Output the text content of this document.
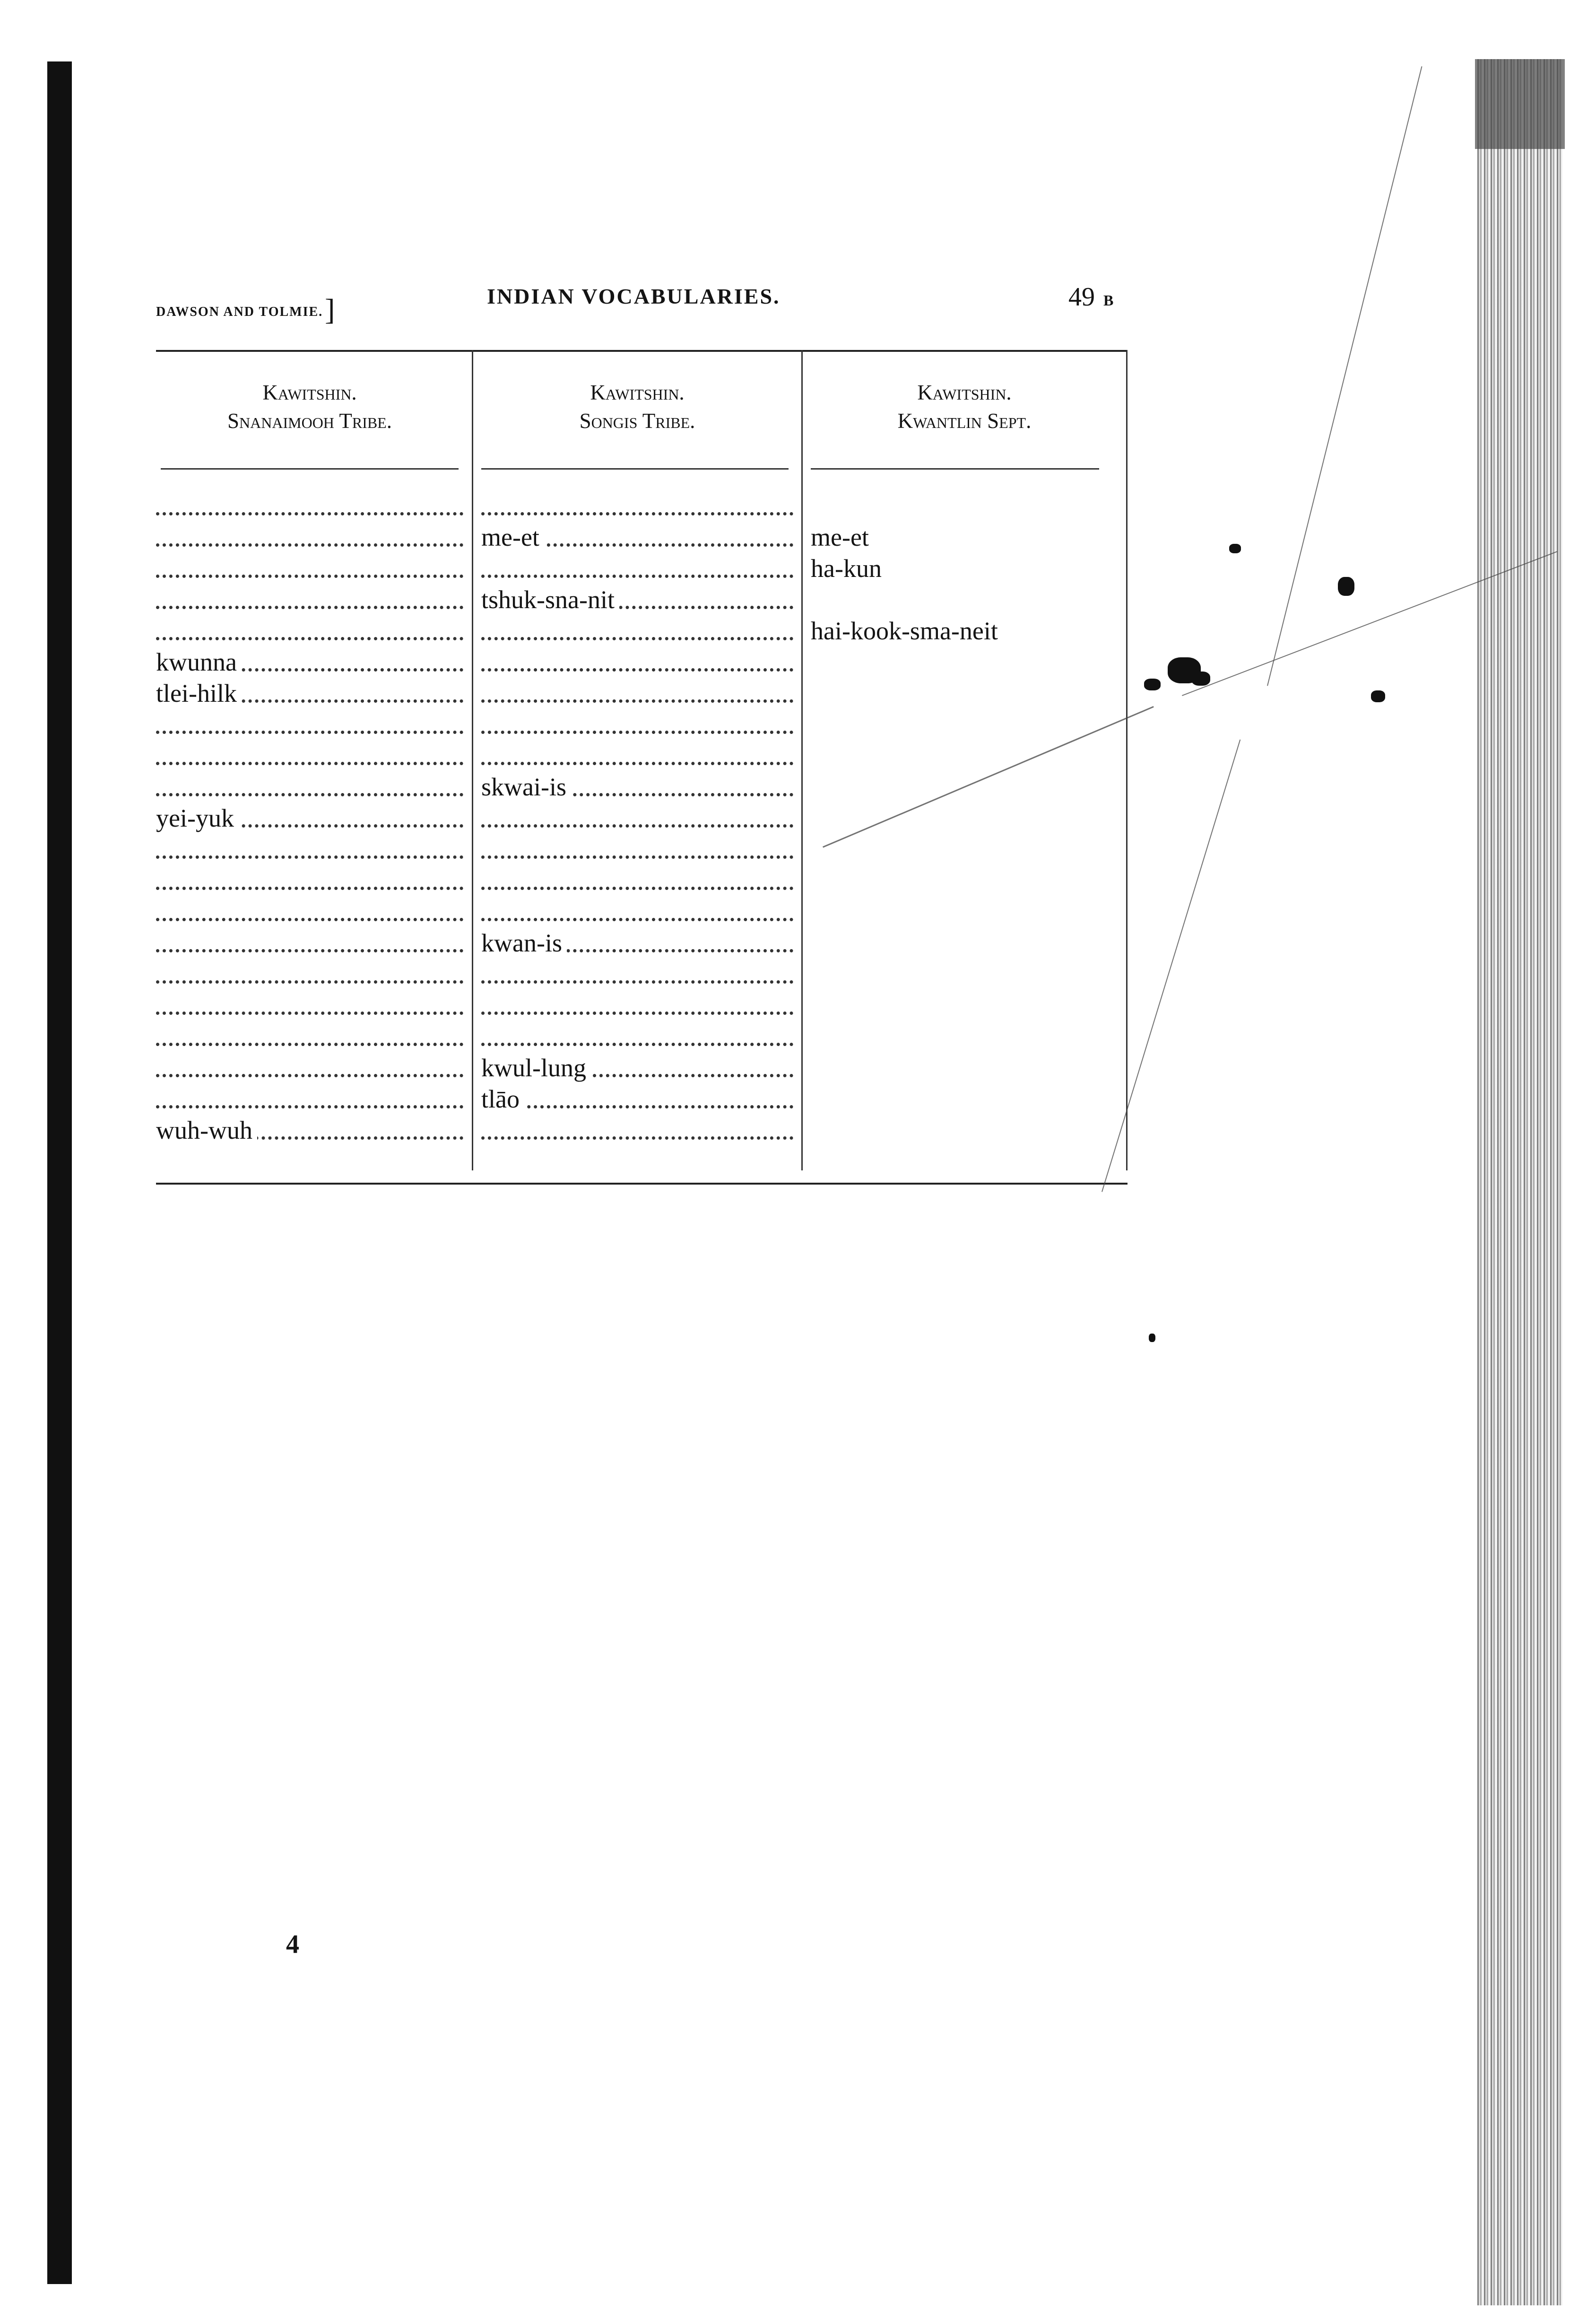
DAWSON AND TOLMIE.]	INDIAN VOCABULARIES.	49 B
Kawitshin.
Snanaimooh Tribe.
kwunna
tlei-hilk
yei-yuk
wuh-wuh
Kawitshin.
Songis Tribe.
me-et
tshuk-sna-nit
skwai-is
kwan-is
kwul-lung
tlāo
Kawitshin.
Kwantlin Sept.
me-et
ha-kun
hai-kook-sma-neit
4
